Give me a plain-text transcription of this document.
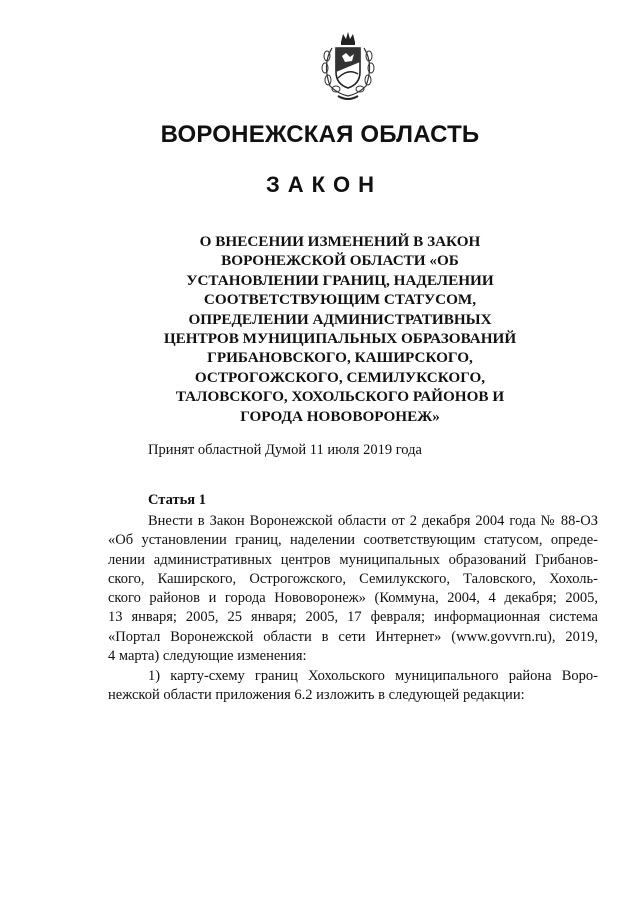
ВОРОНЕЖСКАЯ ОБЛАСТЬ
ЗАКОН
О ВНЕСЕНИИ ИЗМЕНЕНИЙ В ЗАКОН
ВОРОНЕЖСКОЙ ОБЛАСТИ «ОБ
УСТАНОВЛЕНИИ ГРАНИЦ, НАДЕЛЕНИИ
СООТВЕТСТВУЮЩИМ СТАТУСОМ,
ОПРЕДЕЛЕНИИ АДМИНИСТРАТИВНЫХ
ЦЕНТРОВ МУНИЦИПАЛЬНЫХ ОБРАЗОВАНИЙ
ГРИБАНОВСКОГО, КАШИРСКОГО,
ОСТРОГОЖСКОГО, СЕМИЛУКСКОГО,
ТАЛОВСКОГО, ХОХОЛЬСКОГО РАЙОНОВ И
ГОРОДА НОВОВОРОНЕЖ»
Принят областной Думой 11 июля 2019 года
Статья 1
Внести в Закон Воронежской области от 2 декабря 2004 года № 88-ОЗ
«Об установлении границ, наделении соответствующим статусом, опреде-
лении административных центров муниципальных образований Грибанов-
ского, Каширского, Острогожского, Семилукского, Таловского, Хохоль-
ского районов и города Нововоронеж» (Коммуна, 2004, 4 декабря; 2005,
13 января; 2005, 25 января; 2005, 17 февраля; информационная система
«Портал Воронежской области в сети Интернет» (www.govvrn.ru), 2019,
4 марта) следующие изменения:
1) карту-схему границ Хохольского муниципального района Воро-
нежской области приложения 6.2 изложить в следующей редакции:
